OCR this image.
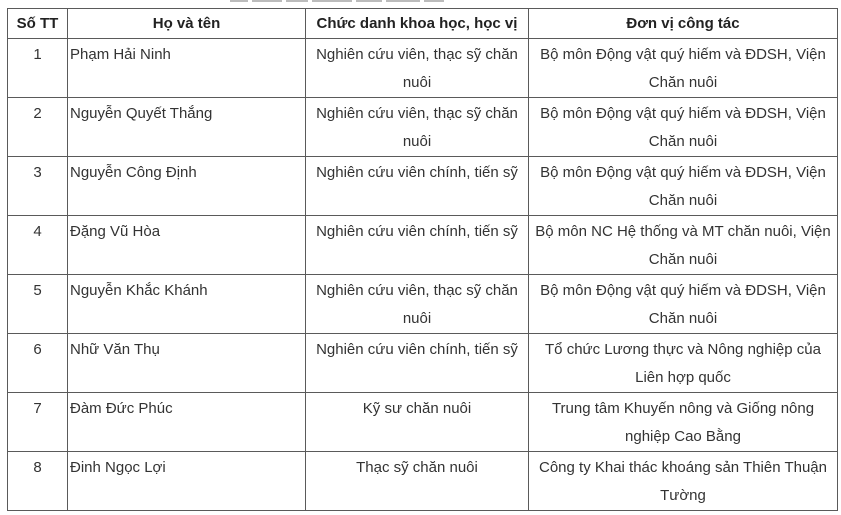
Số TT	Họ và tên	Chức danh khoa học, học vị	Đơn vị công tác
1	Phạm Hải Ninh	Nghiên cứu viên, thạc sỹ chăn nuôi	Bộ môn Động vật quý hiếm và ĐDSH, Viện Chăn nuôi
2	Nguyễn Quyết Thắng	Nghiên cứu viên, thạc sỹ chăn nuôi	Bộ môn Động vật quý hiếm và ĐDSH, Viện Chăn nuôi
3	Nguyễn Công Định	Nghiên cứu viên chính, tiến sỹ	Bộ môn Động vật quý hiếm và ĐDSH, Viện Chăn nuôi
4	Đặng Vũ Hòa	Nghiên cứu viên chính, tiến sỹ	Bộ môn NC Hệ thống và MT chăn nuôi, Viện Chăn nuôi
5	Nguyễn Khắc Khánh	Nghiên cứu viên, thạc sỹ chăn nuôi	Bộ môn Động vật quý hiếm và ĐDSH, Viện Chăn nuôi
6	Nhữ Văn Thụ	Nghiên cứu viên chính, tiến sỹ	Tổ chức Lương thực và Nông nghiệp của Liên hợp quốc
7	Đàm Đức Phúc	Kỹ sư chăn nuôi	Trung tâm Khuyến nông và Giống nông nghiệp Cao Bằng
8	Đinh Ngọc Lợi	Thạc sỹ chăn nuôi	Công ty Khai thác khoáng sản Thiên Thuận Tường
